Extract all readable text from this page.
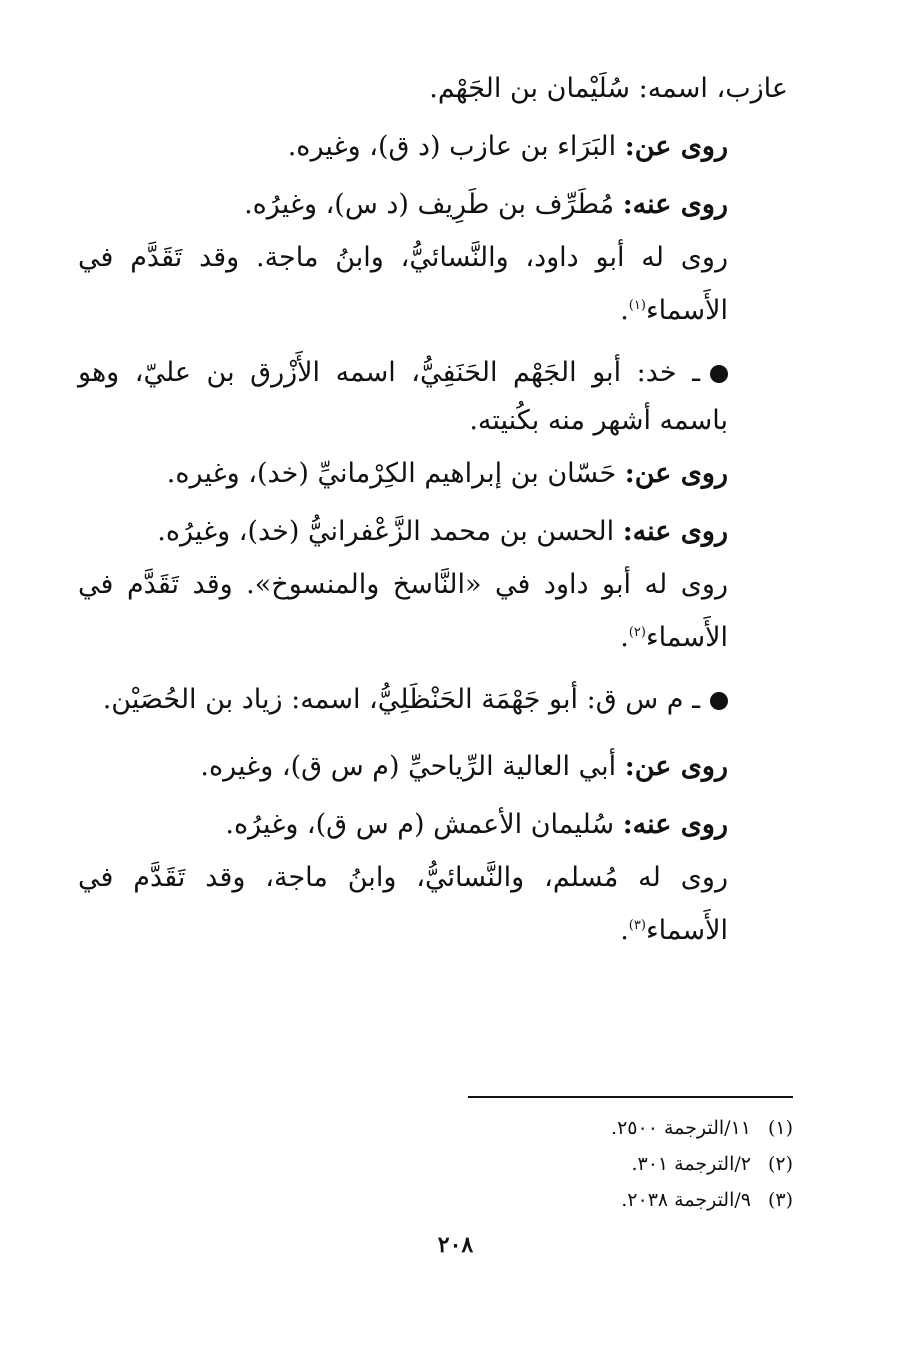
عازب، اسمه: سُلَيْمان بن الجَهْم.
روى عن: البَرَاء بن عازب (د ق)، وغيره.
روى عنه: مُطَرِّف بن طَرِيف (د س)، وغيرُه.
روى له أبو داود، والنَّسائيُّ، وابنُ ماجة. وقد تَقَدَّم في الأَسماء$^{(١)}$.
ـ خد: أبو الجَهْم الحَنَفِيُّ، اسمه الأَزْرق بن عليّ، وهو باسمه أشهر منه بكُنيته.
روى عن: حَسّان بن إبراهيم الكِرْمانيِّ (خد)، وغيره.
روى عنه: الحسن بن محمد الزَّعْفرانيُّ (خد)، وغيرُه.
روى له أبو داود في «النَّاسخ والمنسوخ». وقد تَقَدَّم في الأَسماء$^{(٢)}$.
ـ م س ق: أبو جَهْمَة الحَنْظَلِيُّ، اسمه: زياد بن الحُصَيْن.
روى عن: أبي العالية الرِّياحيِّ (م س ق)، وغيره.
روى عنه: سُليمان الأعمش (م س ق)، وغيرُه.
روى له مُسلم، والنَّسائيُّ، وابنُ ماجة، وقد تَقَدَّم في الأَسماء$^{(٣)}$.
(١)١١/الترجمة ٢٥٠٠.
(٢)٢/الترجمة ٣٠١.
(٣)٩/الترجمة ٢٠٣٨.
٢٠٨
